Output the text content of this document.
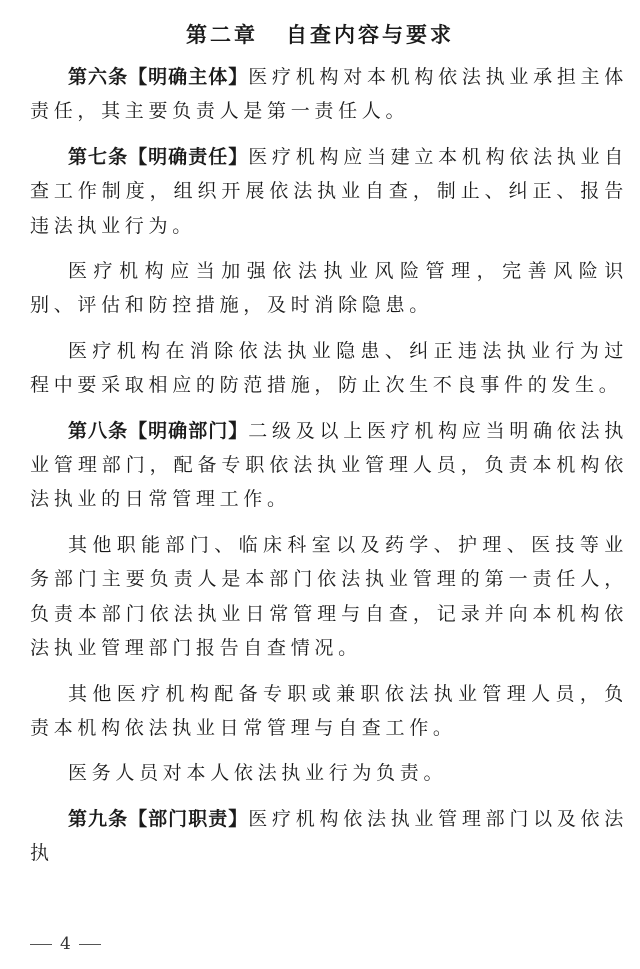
第二章 自查内容与要求

第六条【明确主体】医疗机构对本机构依法执业承担主体责任，其主要负责人是第一责任人。

第七条【明确责任】医疗机构应当建立本机构依法执业自查工作制度，组织开展依法执业自查，制止、纠正、报告违法执业行为。

医疗机构应当加强依法执业风险管理，完善风险识别、评估和防控措施，及时消除隐患。

医疗机构在消除依法执业隐患、纠正违法执业行为过程中要采取相应的防范措施，防止次生不良事件的发生。

第八条【明确部门】二级及以上医疗机构应当明确依法执业管理部门，配备专职依法执业管理人员，负责本机构依法执业的日常管理工作。

其他职能部门、临床科室以及药学、护理、医技等业务部门主要负责人是本部门依法执业管理的第一责任人，负责本部门依法执业日常管理与自查，记录并向本机构依法执业管理部门报告自查情况。

其他医疗机构配备专职或兼职依法执业管理人员，负责本机构依法执业日常管理与自查工作。

医务人员对本人依法执业行为负责。

第九条【部门职责】医疗机构依法执业管理部门以及依法执

4
